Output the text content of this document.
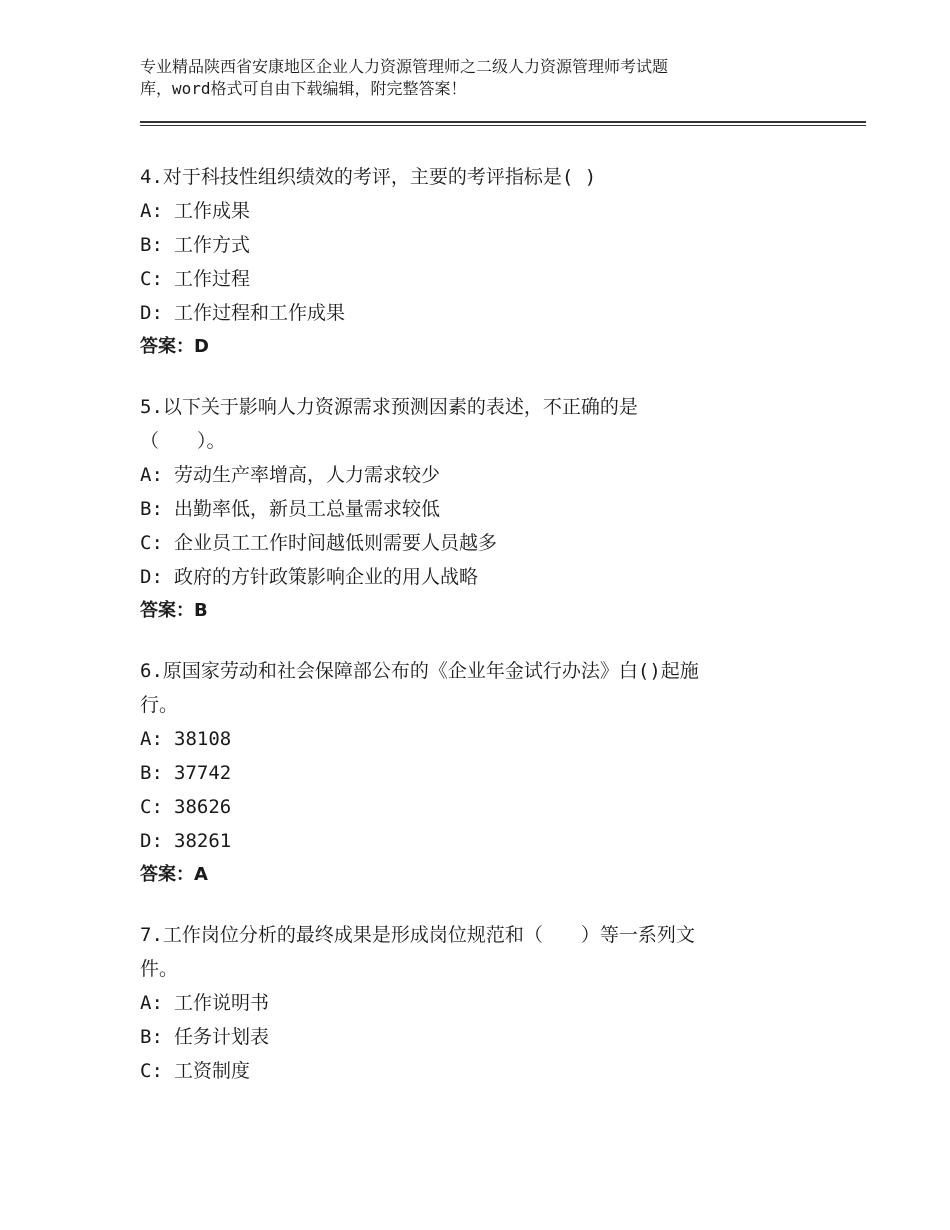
专业精品陕西省安康地区企业人力资源管理师之二级人力资源管理师考试题
库，word格式可自由下载编辑，附完整答案！
4.对于科技性组织绩效的考评，主要的考评指标是( )
A: 工作成果
B: 工作方式
C: 工作过程
D: 工作过程和工作成果
答案：D
5.以下关于影响人力资源需求预测因素的表述，不正确的是
（　　）。
A: 劳动生产率增高，人力需求较少
B: 出勤率低，新员工总量需求较低
C: 企业员工工作时间越低则需要人员越多
D: 政府的方针政策影响企业的用人战略
答案：B
6.原国家劳动和社会保障部公布的《企业年金试行办法》白()起施
行。
A: 38108
B: 37742
C: 38626
D: 38261
答案：A
7.工作岗位分析的最终成果是形成岗位规范和（　　）等一系列文
件。
A: 工作说明书
B: 任务计划表
C: 工资制度
